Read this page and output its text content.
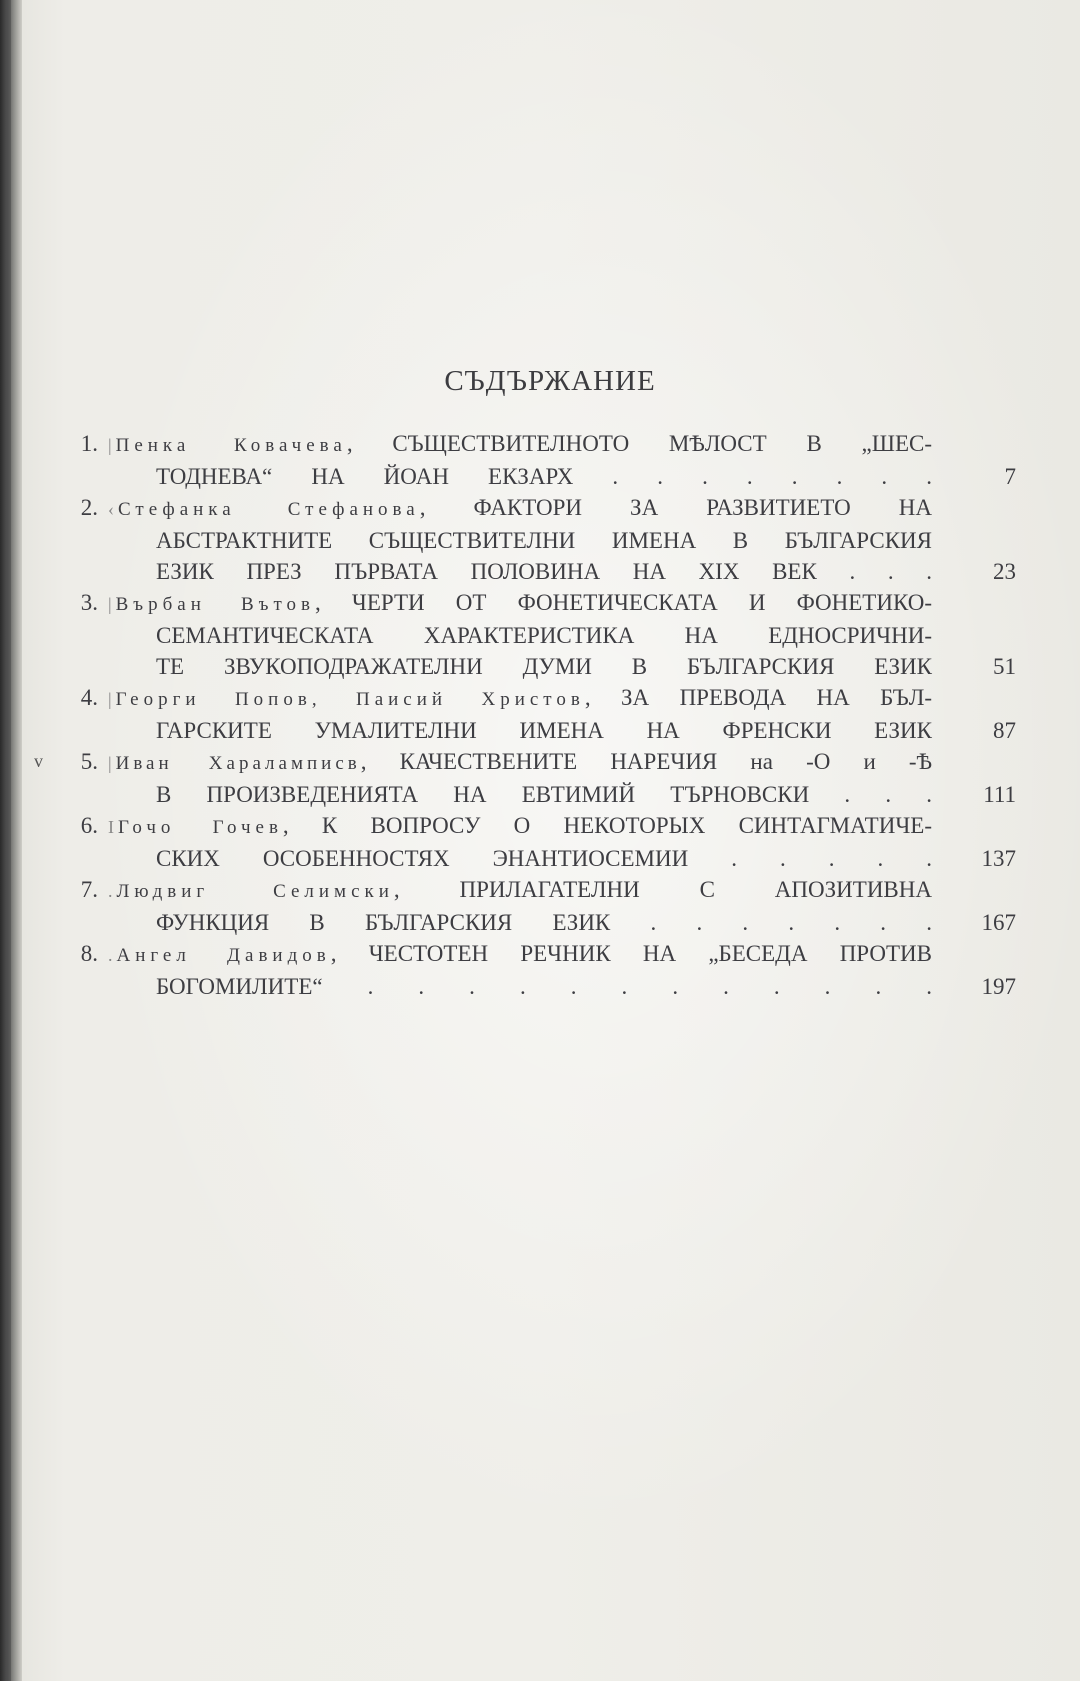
СЪДЪРЖАНИЕ
1. | Пенка Ковачева, СЪЩЕСТВИТЕЛНОТО МѢЛОСТ В „ШЕС-
ТОДНЕВА“ НА ЙОАН ЕКЗАРХ . . . . . . . .	7
2. ‹ Стефанка Стефанова, ФАКТОРИ ЗА РАЗВИТИЕТО НА
АБСТРАКТНИТЕ СЪЩЕСТВИТЕЛНИ ИМЕНА В БЪЛГАРСКИЯ
ЕЗИК ПРЕЗ ПЪРВАТА ПОЛОВИНА НА XIX ВЕК . . .	23
3. | Върбан Вътов, ЧЕРТИ ОТ ФОНЕТИЧЕСКАТА И ФОНЕТИКО-
СЕМАНТИЧЕСКАТА ХАРАКТЕРИСТИКА НА ЕДНОСРИЧНИ-
ТЕ ЗВУКОПОДРАЖАТЕЛНИ ДУМИ В БЪЛГАРСКИЯ ЕЗИК	51
4. | Георги Попов, Паисий Христов, ЗА ПРЕВОДА НА БЪЛ-
ГАРСКИТЕ УМАЛИТЕЛНИ ИМЕНА НА ФРЕНСКИ ЕЗИК	87
v	5. | Иван Хараламписв, КАЧЕСТВЕНИТЕ НАРЕЧИЯ на -О и -Ѣ
В ПРОИЗВЕДЕНИЯТА НА ЕВТИМИЙ ТЪРНОВСКИ . . .	111
6. I Гочо Гочев, К ВОПРОСУ О НЕКОТОРЫХ СИНТАГМАТИЧЕ-
СКИХ ОСОБЕННОСТЯХ ЭНАНТИОСЕМИИ . . . . .	137
7. . Людвиг Селимски, ПРИЛАГАТЕЛНИ С АПОЗИТИВНА
ФУНКЦИЯ В БЪЛГАРСКИЯ ЕЗИК . . . . . . .	167
8. . Ангел Давидов, ЧЕСТОТЕН РЕЧНИК НА „БЕСЕДА ПРОТИВ
БОГОМИЛИТЕ“ . . . . . . . . . . . .	197
